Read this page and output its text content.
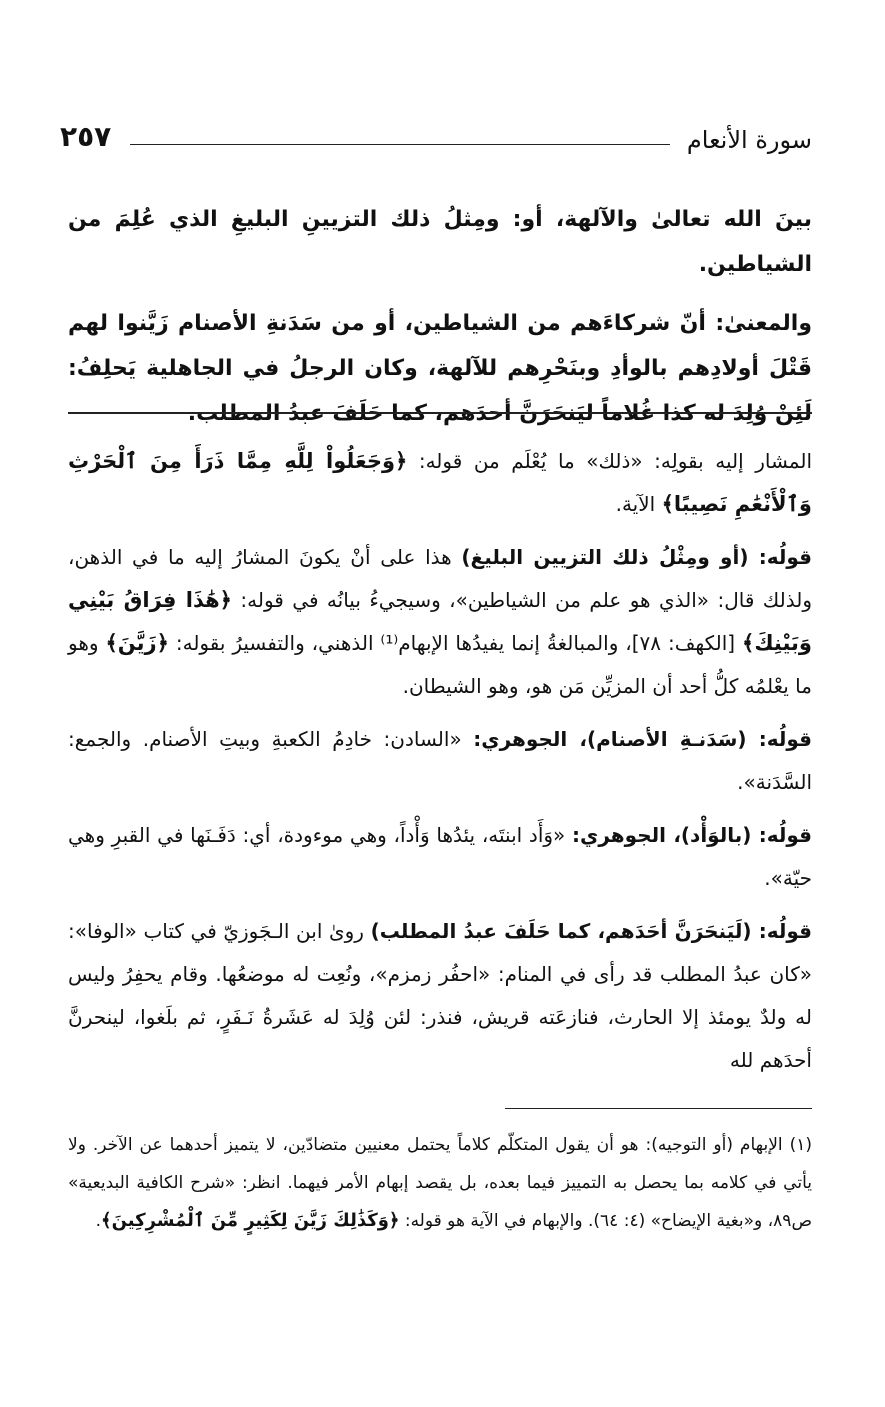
٢٥٧	سورة الأنعام

بينَ الله تعالىٰ والآلهة، أو: ومِثلُ ذلك التزيينِ البليغِ الذي عُلِمَ من الشياطين.

والمعنىٰ: أنّ شركاءَهم من الشياطين، أو من سَدَنةِ الأصنام زَيَّنوا لهم قَتْلَ أولادِهم بالوأدِ وبنَحْرِهم للآلهة، وكان الرجلُ في الجاهلية يَحلِفُ: لَئِنْ وُلِدَ له كذا غُلاماً ليَنحَرَنَّ أحدَهم، كما حَلَفَ عبدُ المطلب.

المشار إليه بقولِه: «ذلك» ما يُعْلَم من قوله: ﴿وَجَعَلُواْ لِلَّهِ مِمَّا ذَرَأَ مِنَ ٱلْحَرْثِ وَٱلْأَنْعَٰمِ نَصِيبًا﴾ الآية.

قولُه: (أو ومِثْلُ ذلك التزيين البليغ) هذا على أنْ يكونَ المشارُ إليه ما في الذهن، ولذلك قال: «الذي هو علم من الشياطين»، وسيجيءُ بيانُه في قوله: ﴿هَٰذَا فِرَاقُ بَيْنِي وَبَيْنِكَ﴾ [الكهف: ٧٨]، والمبالغةُ إنما يفيدُها الإبهام⁽¹⁾ الذهني، والتفسيرُ بقوله: ﴿زَيَّنَ﴾ وهو ما يعْلمُه كلُّ أحد أن المزيِّن مَن هو، وهو الشيطان.

قولُه: (سَدَنـةِ الأصنام)، الجوهري: «السادن: خادِمُ الكعبةِ وبيتِ الأصنام. والجمع: السَّدَنة».

قولُه: (بالوَأْد)، الجوهري: «وَأَد ابنتَه، يئدُها وَأْداً، وهي موءودة، أي: دَفَـنَها في القبرِ وهي حيّة».

قولُه: (لَيَنحَرَنَّ أحَدَهم، كما حَلَفَ عبدُ المطلب) روىٰ ابن الـجَوزيّ في كتاب «الوفا»: «كان عبدُ المطلب قد رأى في المنام: «احفُر زمزم»، ونُعِت له موضعُها. وقام يحفِرُ وليس له ولدٌ يومئذ إلا الحارث، فنازعَته قريش، فنذر: لئن وُلِدَ له عَشَرةُ نَـفَرٍ، ثم بلَغوا، لينحرنَّ أحدَهم لله

(١) الإبهام (أو التوجيه): هو أن يقول المتكلّم كلاماً يحتمل معنيين متضادّين، لا يتميز أحدهما عن الآخر. ولا يأتي في كلامه بما يحصل به التمييز فيما بعده، بل يقصد إبهام الأمر فيهما. انظر: «شرح الكافية البديعية» ص٨٩، و«بغية الإيضاح» (٤: ٦٤). والإبهام في الآية هو قوله: ﴿وَكَذَٰلِكَ زَيَّنَ لِكَثِيرٍ مِّنَ ٱلْمُشْرِكِينَ﴾.
